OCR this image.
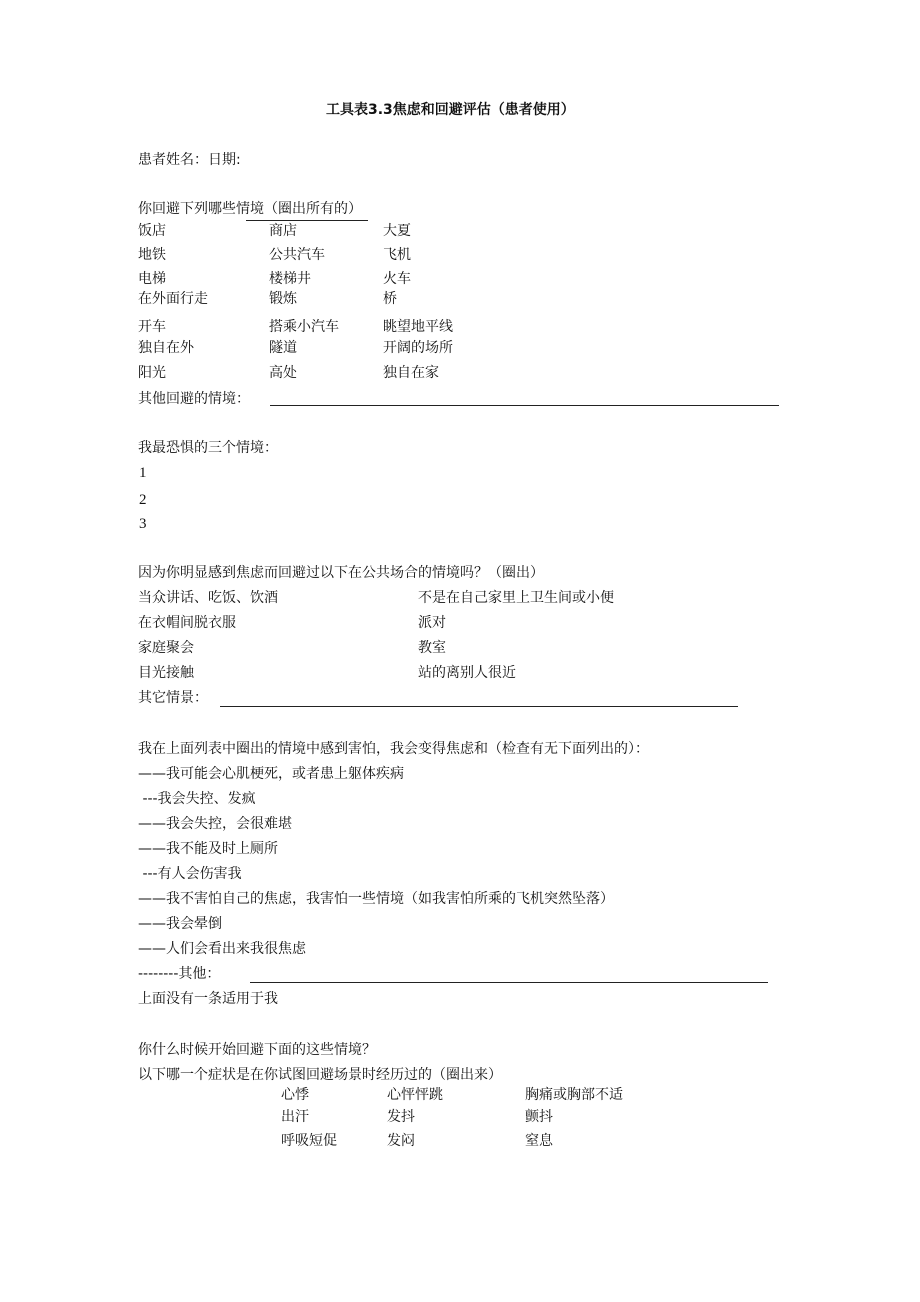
工具表3.3焦虑和回避评估（患者使用）
患者姓名：日期:
你回避下列哪些情境（圈出所有的）
饭店	商店	大夏
地铁	公共汽车	飞机
电梯	楼梯井	火车
在外面行走	锻炼	桥
开车	搭乘小汽车	眺望地平线
独自在外	隧道	开阔的场所
阳光	高处	独自在家
其他回避的情境：
我最恐惧的三个情境：
1
2
3
因为你明显感到焦虑而回避过以下在公共场合的情境吗？（圈出）
当众讲话、吃饭、饮酒	不是在自己家里上卫生间或小便
在衣帽间脱衣服	派对
家庭聚会	教室
目光接触	站的离别人很近
其它情景：
我在上面列表中圈出的情境中感到害怕，我会变得焦虑和（检查有无下面列出的）：
——我可能会心肌梗死，或者患上躯体疾病
---我会失控、发疯
——我会失控，会很难堪
——我不能及时上厕所
---有人会伤害我
——我不害怕自己的焦虑，我害怕一些情境（如我害怕所乘的飞机突然坠落）
——我会晕倒
——人们会看出来我很焦虑
--------其他：
上面没有一条适用于我
你什么时候开始回避下面的这些情境？
以下哪一个症状是在你试图回避场景时经历过的（圈出来）
心悸	心怦怦跳	胸痛或胸部不适
出汗	发抖	颤抖
呼吸短促	发闷	窒息
